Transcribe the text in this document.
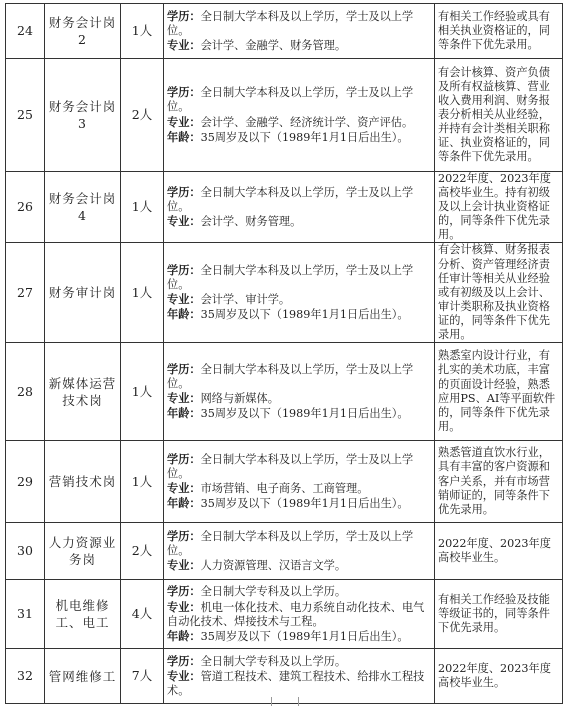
24	财务会计岗2	1人	学历：全日制大学本科及以上学历，学士及以上学位。
专业：会计学、金融学、财务管理。	有相关工作经验或具有相关执业资格证的，同等条件下优先录用。
25	财务会计岗3	2人	学历：全日制大学本科及以上学历，学士及以上学位。
专业：会计学、金融学、经济统计学、资产评估。
年龄：35周岁及以下（1989年1月1日后出生）。	有会计核算、资产负债及所有权益核算、营业收入费用利润、财务报表分析相关从业经验，并持有会计类相关职称证、执业资格证的，同等条件下优先录用。
26	财务会计岗4	1人	学历：全日制大学本科及以上学历，学士及以上学位。
专业：会计学、财务管理。	2022年度、2023年度高校毕业生。持有初级及以上会计执业资格证的，同等条件下优先录用。
27	财务审计岗	1人	学历：全日制大学本科及以上学历，学士及以上学位。
专业：会计学、审计学。
年龄：35周岁及以下（1989年1月1日后出生）。	有会计核算、财务报表分析、资产管理经济责任审计等相关从业经验或有初级及以上会计、审计类职称及执业资格证的，同等条件下优先录用。
28	新媒体运营技术岗	1人	学历：全日制大学本科及以上学历，学士及以上学位。
专业：网络与新媒体。
年龄：35周岁及以下（1989年1月1日后出生）。	熟悉室内设计行业，有扎实的美术功底，丰富的页面设计经验，熟悉应用PS、AI等平面软件的，同等条件下优先录用。
29	营销技术岗	1人	学历：全日制大学本科及以上学历，学士及以上学位。
专业：市场营销、电子商务、工商管理。
年龄：35周岁及以下（1989年1月1日后出生）。	熟悉管道直饮水行业，具有丰富的客户资源和客户关系，并有市场营销师证的，同等条件下优先录用。
30	人力资源业务岗	2人	学历：全日制大学本科及以上学历，学士及以上学位。
专业：人力资源管理、汉语言文学。	2022年度、2023年度高校毕业生。
31	机电维修工、电工	4人	学历：全日制大学专科及以上学历。
专业：机电一体化技术、电力系统自动化技术、电气自动化技术、焊接技术与工程。
年龄：35周岁及以下（1989年1月1日后出生）。	有相关工作经验及技能等级证书的，同等条件下优先录用。
32	管网维修工	7人	学历：全日制大学专科及以上学历。
专业：管道工程技术、建筑工程技术、给排水工程技术。	2022年度、2023年度高校毕业生。
